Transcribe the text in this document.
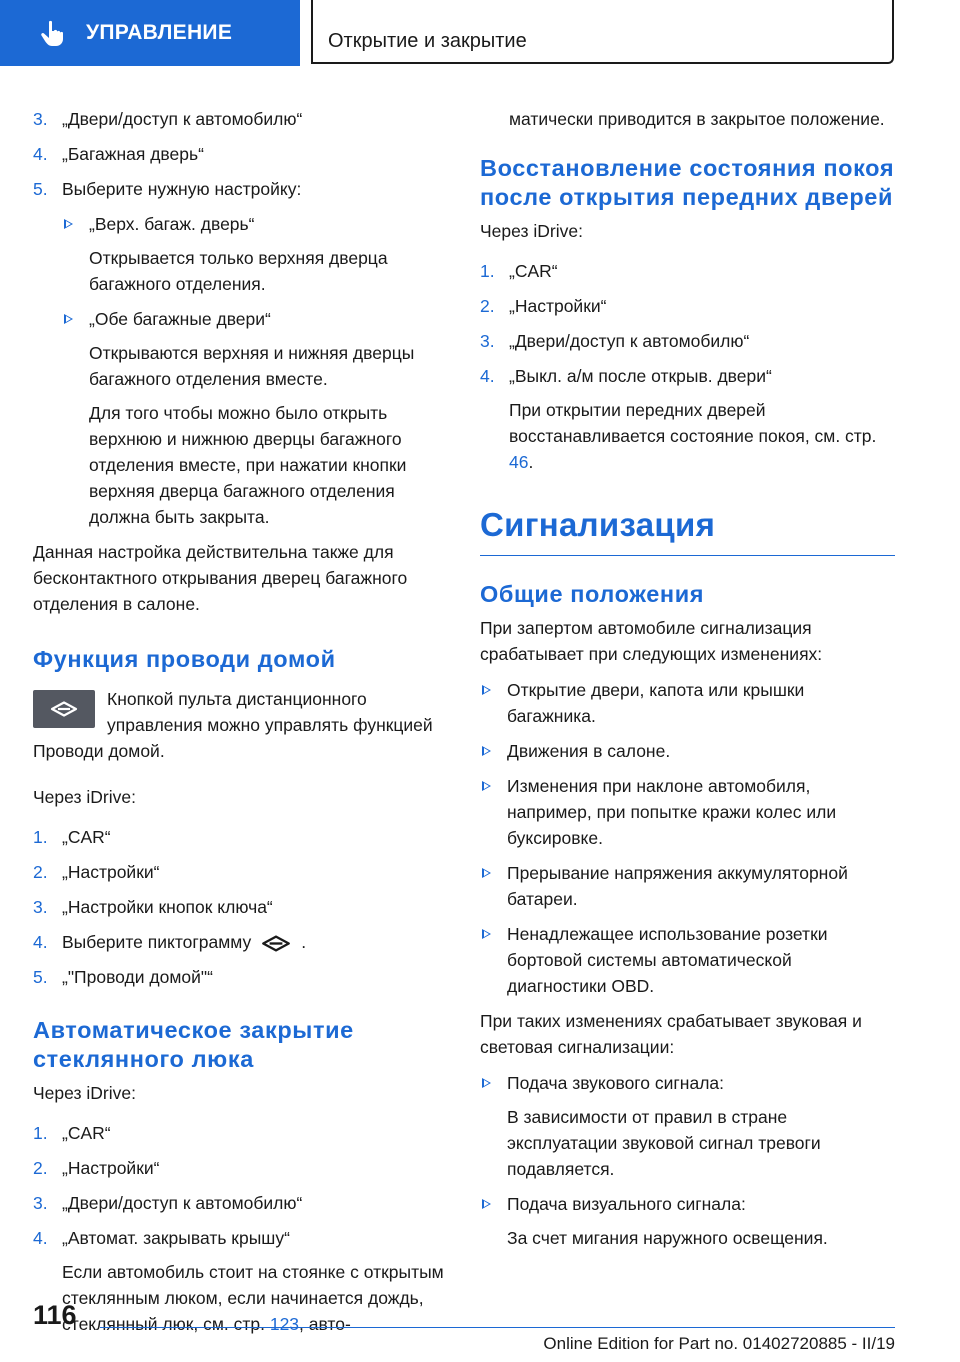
УПРАВЛЕНИЕ	Открытие и закрытие
3. „Двери/доступ к автомобилю“
4. „Багажная дверь“
5. Выберите нужную настройку:
„Верх. багаж. дверь“
Открывается только верхняя дверца багажного отделения.
„Обе багажные двери“
Открываются верхняя и нижняя дверцы багажного отделения вместе.
Для того чтобы можно было открыть верхнюю и нижнюю дверцы багажного отделения вместе, при нажатии кнопки верхняя дверца багажного отделения должна быть закрыта.

Данная настройка действительна также для бесконтактного открывания дверец багажного отделения в салоне.

Функция проводи домой
Кнопкой пульта дистанционного управления можно управлять функцией Проводи домой.

Через iDrive:

1. „CAR“
2. „Настройки“
3. „Настройки кнопок ключа“
4. Выберите пиктограмму	.
5. „"Проводи домой"“
Автоматическое закрытие стеклянного люка

Через iDrive:

1. „CAR“
2. „Настройки“
3. „Двери/доступ к автомобилю“
4. „Автомат. закрывать крышу“
Если автомобиль стоит на стоянке с открытым стеклянным люком, если начинается дождь, стеклянный люк, см. стр. 123, авто-

матически приводится в закрытое положение.

Восстановление состояния покоя после открытия передних дверей

Через iDrive:

1. „CAR“
2. „Настройки“
3. „Двери/доступ к автомобилю“
4. „Выкл. а/м после открыв. двери“
При открытии передних дверей восстанавливается состояние покоя, см. стр. 46.
Сигнализация
Общие положения

При запертом автомобиле сигнализация срабатывает при следующих изменениях:

Открытие двери, капота или крышки багажника.
Движения в салоне.
Изменения при наклоне автомобиля, например, при попытке кражи колес или буксировке.
Прерывание напряжения аккумуляторной батареи.
Ненадлежащее использование розетки бортовой системы автоматической диагностики OBD.

При таких изменениях срабатывает звуковая и световая сигнализации:

Подача звукового сигнала:
В зависимости от правил в стране эксплуатации звуковой сигнал тревоги подавляется.
Подача визуального сигнала:
За счет мигания наружного освещения.
116
Online Edition for Part no. 01402720885 - II/19
